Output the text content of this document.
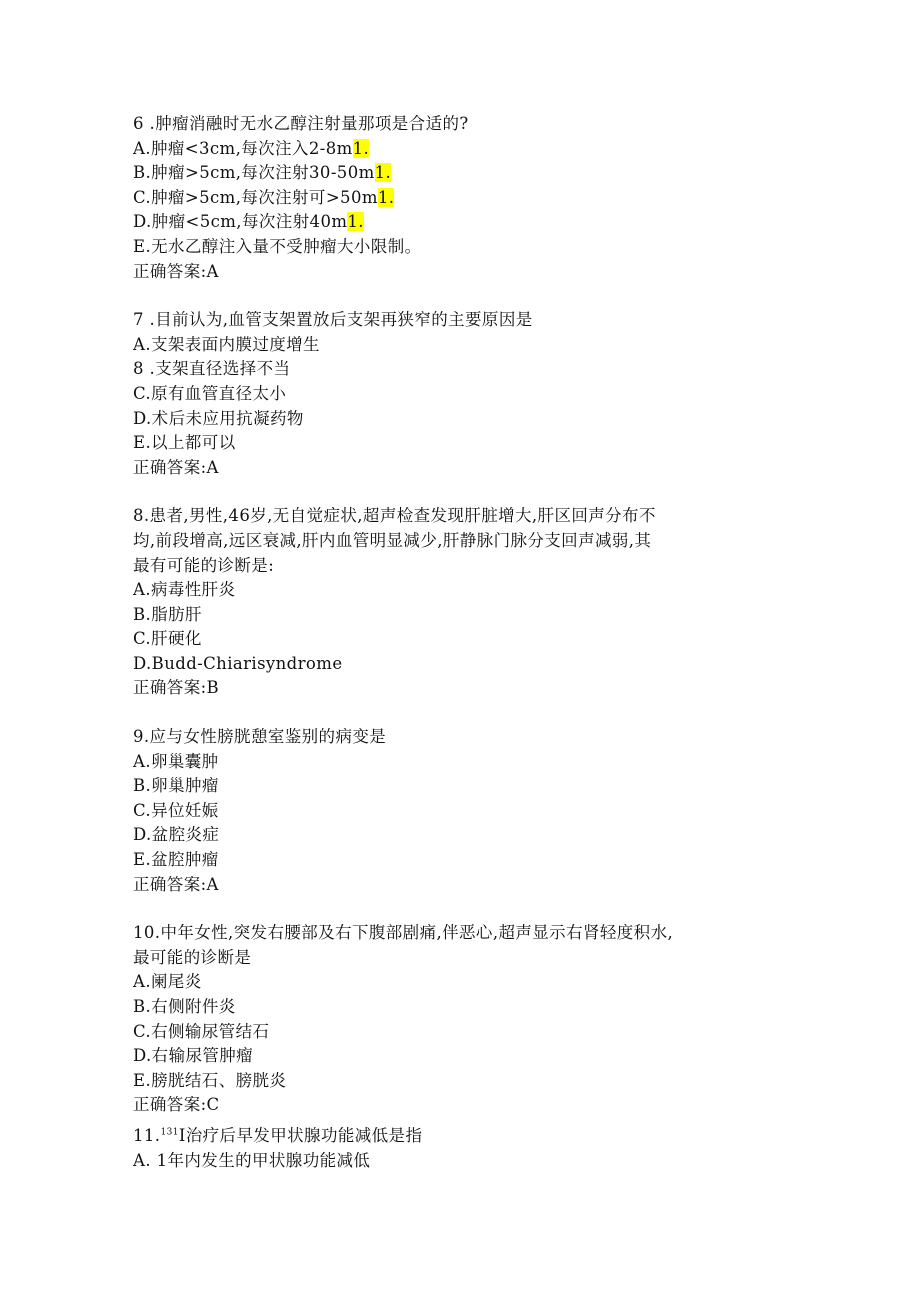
6 .肿瘤消融时无水乙醇注射量那项是合适的?
A.肿瘤<3cm,每次注入2-8m1.
B.肿瘤>5cm,每次注射30-50m1.
C.肿瘤>5cm,每次注射可>50m1.
D.肿瘤<5cm,每次注射40m1.
E.无水乙醇注入量不受肿瘤大小限制。
正确答案:A
7 .目前认为,血管支架置放后支架再狭窄的主要原因是
A.支架表面内膜过度增生
8 .支架直径选择不当
C.原有血管直径太小
D.术后未应用抗凝药物
E.以上都可以
正确答案:A
8.患者,男性,46岁,无自觉症状,超声检查发现肝脏增大,肝区回声分布不
均,前段增高,远区衰减,肝内血管明显减少,肝静脉门脉分支回声减弱,其
最有可能的诊断是:
A.病毒性肝炎
B.脂肪肝
C.肝硬化
D.Budd-Chiarisyndrome
正确答案:B
9.应与女性膀胱憩室鉴别的病变是
A.卵巢囊肿
B.卵巢肿瘤
C.异位妊娠
D.盆腔炎症
E.盆腔肿瘤
正确答案:A
10.中年女性,突发右腰部及右下腹部剧痛,伴恶心,超声显示右肾轻度积水,
最可能的诊断是
A.阑尾炎
B.右侧附件炎
C.右侧输尿管结石
D.右输尿管肿瘤
E.膀胱结石、膀胱炎
正确答案:C
11.$^{131}$I治疗后早发甲状腺功能减低是指
A. 1年内发生的甲状腺功能减低
